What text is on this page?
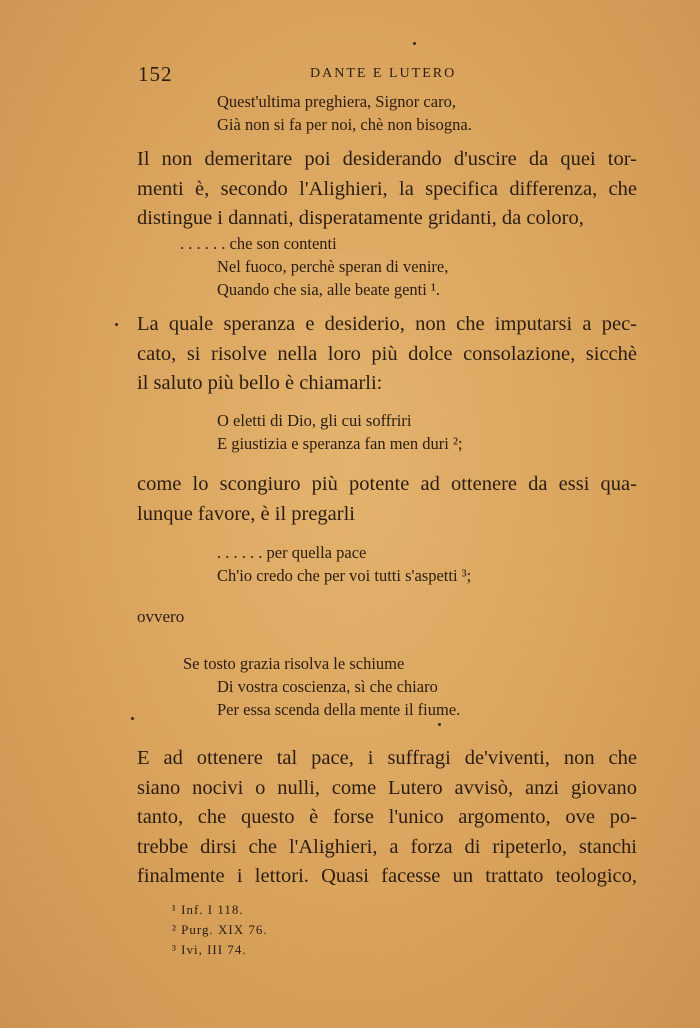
152	DANTE E LUTERO
Quest'ultima preghiera, Signor caro,
Già non si fa per noi, chè non bisogna.
Il non demeritare poi desiderando d'uscire da quei tor-
menti è, secondo l'Alighieri, la specifica differenza, che
distingue i dannati, disperatamente gridanti, da coloro,
. . . . . . che son contenti
Nel fuoco, perchè speran di venire,
Quando che sia, alle beate genti ¹.
La quale speranza e desiderio, non che imputarsi a pec-
cato, si risolve nella loro più dolce consolazione, sicchè
il saluto più bello è chiamarli:
O eletti di Dio, gli cui soffriri
E giustizia e speranza fan men duri ²;
come lo scongiuro più potente ad ottenere da essi qua-
lunque favore, è il pregarli
. . . . . . per quella pace
Ch'io credo che per voi tutti s'aspetti ³;
ovvero
Se tosto grazia risolva le schiume
Di vostra coscienza, sì che chiaro
Per essa scenda della mente il fiume.
E ad ottenere tal pace, i suffragi de'viventi, non che
siano nocivi o nulli, come Lutero avvisò, anzi giovano
tanto, che questo è forse l'unico argomento, ove po-
trebbe dirsi che l'Alighieri, a forza di ripeterlo, stanchi
finalmente i lettori. Quasi facesse un trattato teologico,
¹ Inf. I 118.
² Purg. XIX 76.
³ Ivi, III 74.
